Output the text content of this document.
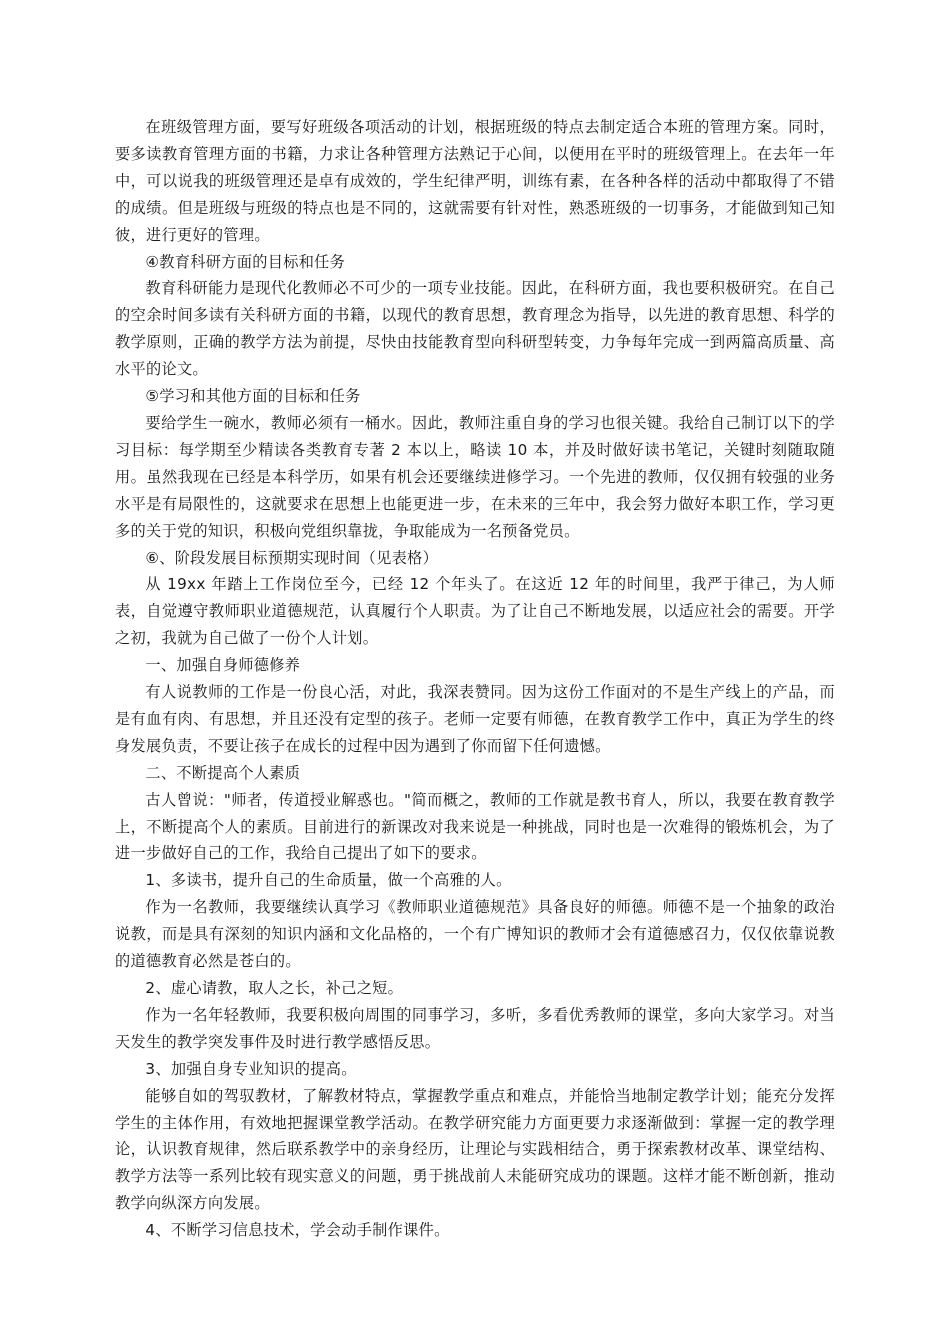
在班级管理方面，要写好班级各项活动的计划，根据班级的特点去制定适合本班的管理方案。同时，要多读教育管理方面的书籍，力求让各种管理方法熟记于心间，以便用在平时的班级管理上。在去年一年中，可以说我的班级管理还是卓有成效的，学生纪律严明，训练有素，在各种各样的活动中都取得了不错的成绩。但是班级与班级的特点也是不同的，这就需要有针对性，熟悉班级的一切事务，才能做到知己知彼，进行更好的管理。

④教育科研方面的目标和任务

教育科研能力是现代化教师必不可少的一项专业技能。因此，在科研方面，我也要积极研究。在自己的空余时间多读有关科研方面的书籍，以现代的教育思想，教育理念为指导，以先进的教育思想、科学的教学原则，正确的教学方法为前提，尽快由技能教育型向科研型转变，力争每年完成一到两篇高质量、高水平的论文。

⑤学习和其他方面的目标和任务

要给学生一碗水，教师必须有一桶水。因此，教师注重自身的学习也很关键。我给自己制订以下的学习目标：每学期至少精读各类教育专著 2 本以上，略读 10 本，并及时做好读书笔记，关键时刻随取随用。虽然我现在已经是本科学历，如果有机会还要继续进修学习。一个先进的教师，仅仅拥有较强的业务水平是有局限性的，这就要求在思想上也能更进一步，在未来的三年中，我会努力做好本职工作，学习更多的关于党的知识，积极向党组织靠拢，争取能成为一名预备党员。

⑥、阶段发展目标预期实现时间（见表格）

从 19xx 年踏上工作岗位至今，已经 12 个年头了。在这近 12 年的时间里，我严于律己，为人师表，自觉遵守教师职业道德规范，认真履行个人职责。为了让自己不断地发展，以适应社会的需要。开学之初，我就为自己做了一份个人计划。

一、加强自身师德修养

有人说教师的工作是一份良心活，对此，我深表赞同。因为这份工作面对的不是生产线上的产品，而是有血有肉、有思想，并且还没有定型的孩子。老师一定要有师德，在教育教学工作中，真正为学生的终身发展负责，不要让孩子在成长的过程中因为遇到了你而留下任何遗憾。

二、不断提高个人素质

古人曾说："师者，传道授业解惑也。"简而概之，教师的工作就是教书育人，所以，我要在教育教学上，不断提高个人的素质。目前进行的新课改对我来说是一种挑战，同时也是一次难得的锻炼机会，为了进一步做好自己的工作，我给自己提出了如下的要求。

1、多读书，提升自己的生命质量，做一个高雅的人。

作为一名教师，我要继续认真学习《教师职业道德规范》具备良好的师德。师德不是一个抽象的政治说教，而是具有深刻的知识内涵和文化品格的，一个有广博知识的教师才会有道德感召力，仅仅依靠说教的道德教育必然是苍白的。

2、虚心请教，取人之长，补己之短。

作为一名年轻教师，我要积极向周围的同事学习，多听，多看优秀教师的课堂，多向大家学习。对当天发生的教学突发事件及时进行教学感悟反思。

3、加强自身专业知识的提高。

能够自如的驾驭教材，了解教材特点，掌握教学重点和难点，并能恰当地制定教学计划；能充分发挥学生的主体作用，有效地把握课堂教学活动。在教学研究能力方面更要力求逐渐做到：掌握一定的教学理论，认识教育规律，然后联系教学中的亲身经历，让理论与实践相结合，勇于探索教材改革、课堂结构、教学方法等一系列比较有现实意义的问题，勇于挑战前人未能研究成功的课题。这样才能不断创新，推动教学向纵深方向发展。

4、不断学习信息技术，学会动手制作课件。
